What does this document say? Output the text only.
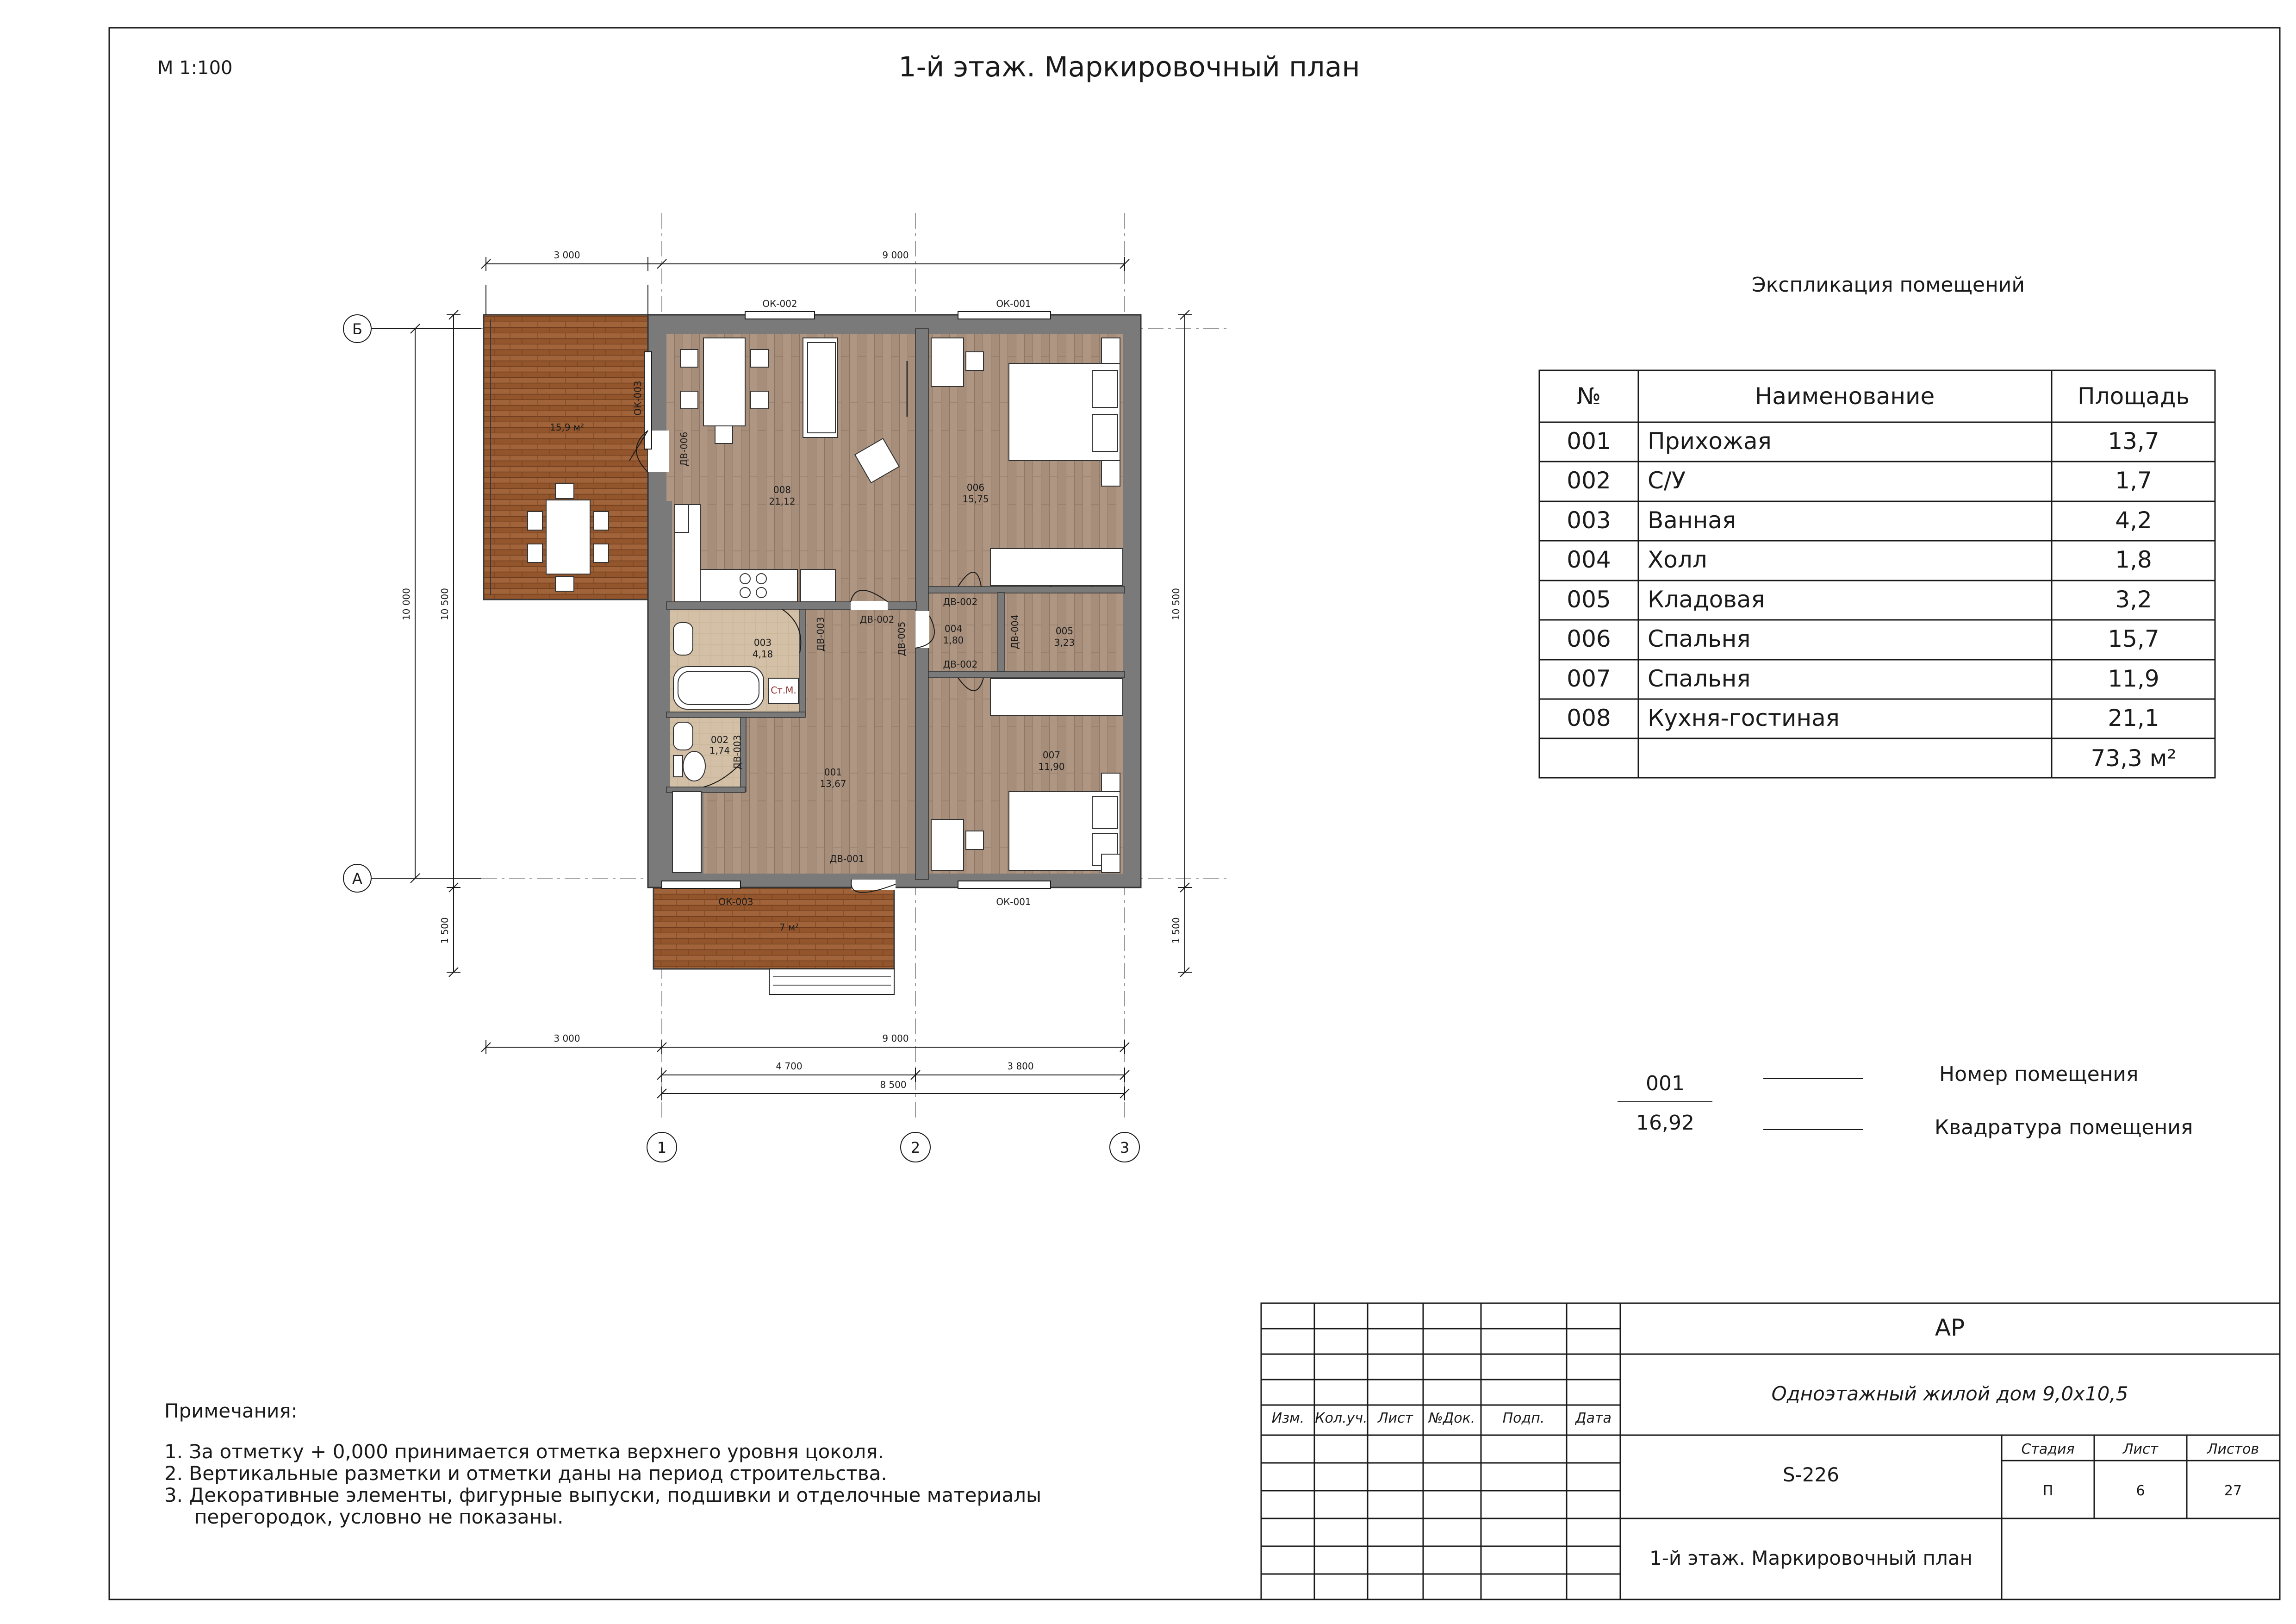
М 1:100	1-й этаж. Маркировочный план
Ст.М.
15,9 м²
7 м²
008
21,12
006
15,75
003
4,18
004
1,80
005
3,23
002
1,74
001
13,67
007
11,90
ОК-002	ОК-001
ОК-003	ОК-001
ДВ-001
ДВ-002
ДВ-002
ДВ-002
ОК-003
ДВ-006
ДВ-003	ДВ-005	ДВ-004
ДВ-003
3 000	9 000
3 000	9 000
4 700	3 800
8 500
10 000	10 500
1 500
10 500
1 500
Б
А
1	2	3
Экспликация помещений
№	Наименование	Площадь
001 Прихожая	13,7
002 С/У	1,7
003 Ванная	4,2
004 Холл	1,8
005 Кладовая	3,2
006 Спальня	15,7
007 Спальня	11,9
008 Кухня-гостиная	21,1
73,3 м²
001
16,92
Номер помещения
Квадратура помещения
Примечания:
1. За отметку + 0,000 принимается отметка верхнего уровня цоколя.
2. Вертикальные разметки и отметки даны на период строительства.
3. Декоративные элементы, фигурные выпуски, подшивки и отделочные материалы
перегородок, условно не показаны.
Изм. Кол.уч. Лист №Док. Подп. Дата
АР
Одноэтажный жилой дом 9,0х10,5
S-226
Стадия	Лист	Листов
П	6	27
1-й этаж. Маркировочный план
